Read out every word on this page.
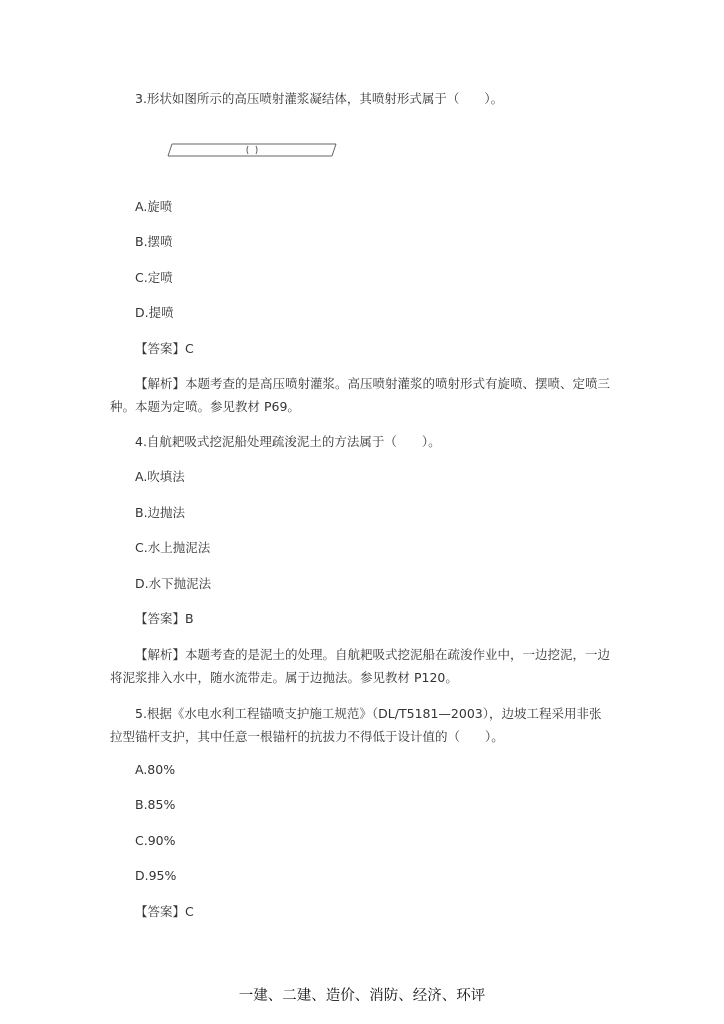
3.形状如图所示的高压喷射灌浆凝结体，其喷射形式属于（　　）。
A.旋喷
B.摆喷
C.定喷
D.提喷
【答案】C
【解析】本题考查的是高压喷射灌浆。高压喷射灌浆的喷射形式有旋喷、摆喷、定喷三种。本题为定喷。参见教材 P69。
4.自航耙吸式挖泥船处理疏浚泥土的方法属于（　　）。
A.吹填法
B.边抛法
C.水上抛泥法
D.水下抛泥法
【答案】B
【解析】本题考查的是泥土的处理。自航耙吸式挖泥船在疏浚作业中，一边挖泥，一边将泥浆排入水中，随水流带走。属于边抛法。参见教材 P120。
5.根据《水电水利工程锚喷支护施工规范》（DL/T5181—2003），边坡工程采用非张拉型锚杆支护，其中任意一根锚杆的抗拔力不得低于设计值的（　　）。
A.80%
B.85%
C.90%
D.95%
【答案】C
一建、二建、造价、消防、经济、环评
